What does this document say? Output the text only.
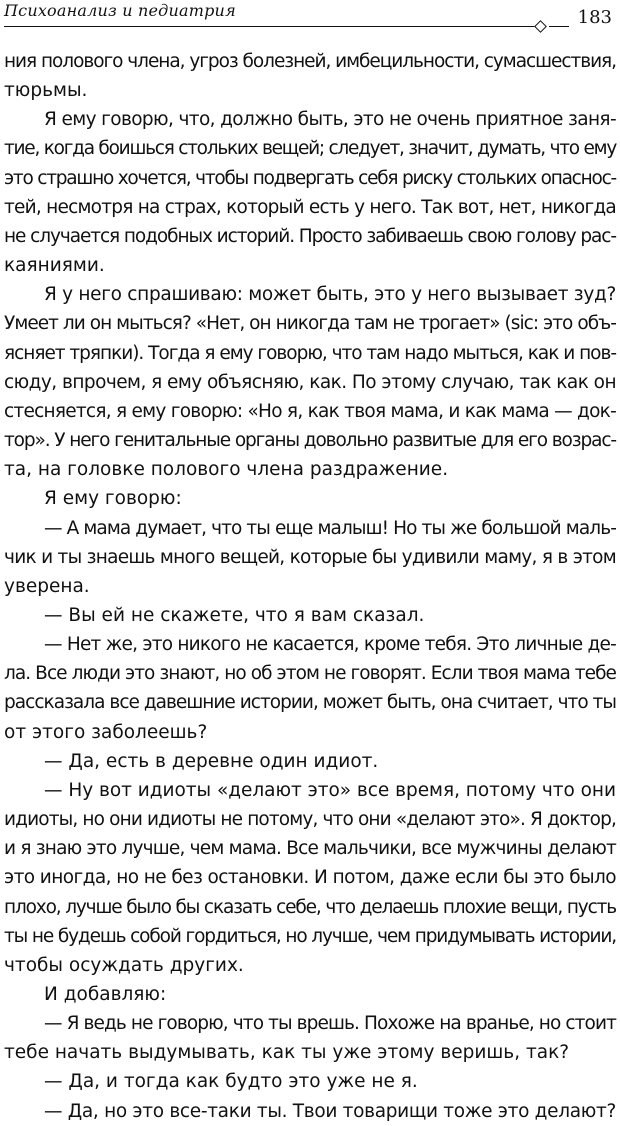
Психоанализ и педиатрия	183

ния полового члена, угроз болезней, имбецильности, сумасшествия,

тюрьмы.

Я ему говорю, что, должно быть, это не очень приятное заня-

тие, когда боишься стольких вещей; следует, значит, думать, что ему

это страшно хочется, чтобы подвергать себя риску стольких опаснос-

тей, несмотря на страх, который есть у него. Так вот, нет, никогда

не случается подобных историй. Просто забиваешь свою голову рас-

каяниями.

Я у него спрашиваю: может быть, это у него вызывает зуд?

Умеет ли он мыться? «Нет, он никогда там не трогает» (sic: это объ-

ясняет тряпки). Тогда я ему говорю, что там надо мыться, как и пов-

сюду, впрочем, я ему объясняю, как. По этому случаю, так как он

стесняется, я ему говорю: «Но я, как твоя мама, и как мама — док-

тор». У него генитальные органы довольно развитые для его возрас-

та, на головке полового члена раздражение.

Я ему говорю:

— А мама думает, что ты еще малыш! Но ты же большой маль-

чик и ты знаешь много вещей, которые бы удивили маму, я в этом

уверена.

— Вы ей не скажете, что я вам сказал.

— Нет же, это никого не касается, кроме тебя. Это личные де-

ла. Все люди это знают, но об этом не говорят. Если твоя мама тебе

рассказала все давешние истории, может быть, она считает, что ты

от этого заболеешь?

— Да, есть в деревне один идиот.

— Ну вот идиоты «делают это» все время, потому что они

идиоты, но они идиоты не потому, что они «делают это». Я доктор,

и я знаю это лучше, чем мама. Все мальчики, все мужчины делают

это иногда, но не без остановки. И потом, даже если бы это было

плохо, лучше было бы сказать себе, что делаешь плохие вещи, пусть

ты не будешь собой гордиться, но лучше, чем придумывать истории,

чтобы осуждать других.

И добавляю:

— Я ведь не говорю, что ты врешь. Похоже на вранье, но стоит

тебе начать выдумывать, как ты уже этому веришь, так?

— Да, и тогда как будто это уже не я.

— Да, но это все-таки ты. Твои товарищи тоже это делают?
